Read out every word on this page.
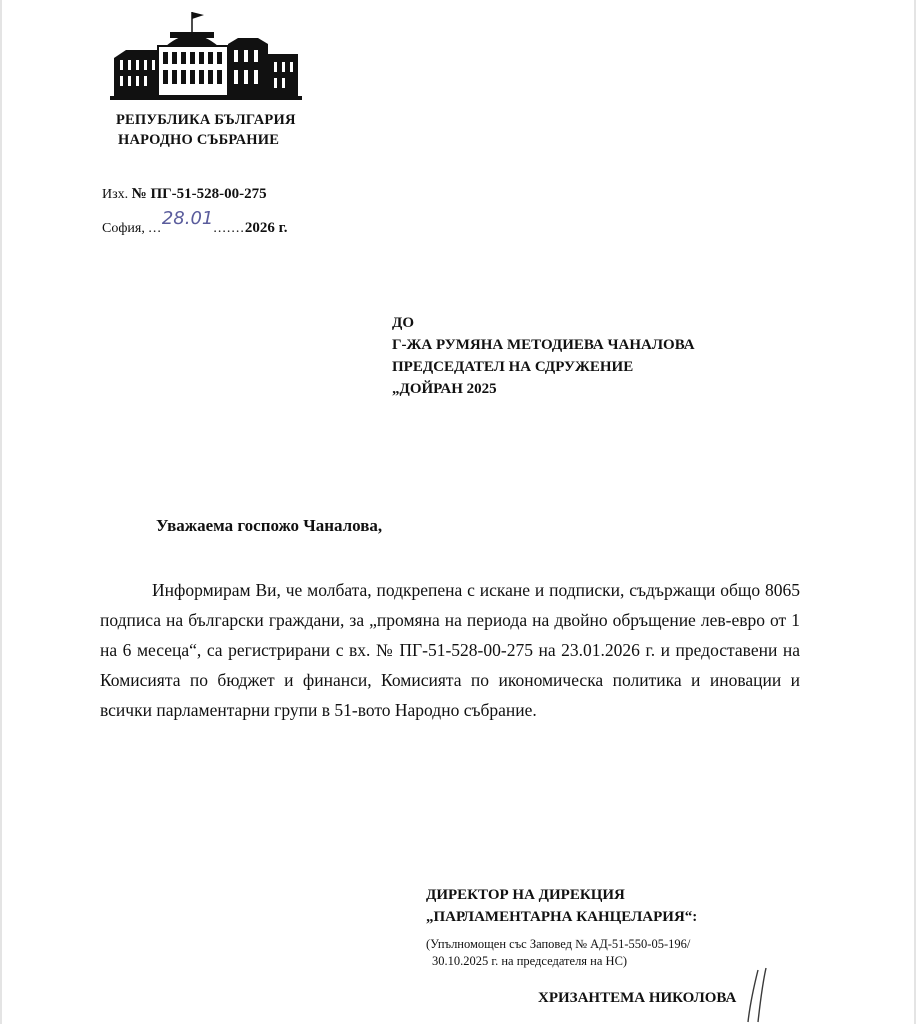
РЕПУБЛИКА БЪЛГАРИЯ
НАРОДНО СЪБРАНИЕ
Изх. № ПГ-51-528-00-275
София, ...28.01.......2026 г.
ДО
Г-ЖА РУМЯНА МЕТОДИЕВА ЧАНАЛОВА
ПРЕДСЕДАТЕЛ НА СДРУЖЕНИЕ
„ДОЙРАН 2025
Уважаема госпожо Чаналова,
Информирам Ви, че молбата, подкрепена с искане и подписки, съдържащи общо 8065 подписа на български граждани, за „промяна на периода на двойно обръщение лев-евро от 1 на 6 месеца“, са регистрирани с вх. № ПГ-51-528-00-275 на 23.01.2026 г. и предоставени на Комисията по бюджет и финанси, Комисията по икономическа политика и иновации и всички парламентарни групи в 51-вото Народно събрание.
ДИРЕКТОР НА ДИРЕКЦИЯ
„ПАРЛАМЕНТАРНА КАНЦЕЛАРИЯ“:
(Упълномощен със Заповед № АД-51-550-05-196/
30.10.2025 г. на председателя на НС)
ХРИЗАНТЕМА НИКОЛОВА
